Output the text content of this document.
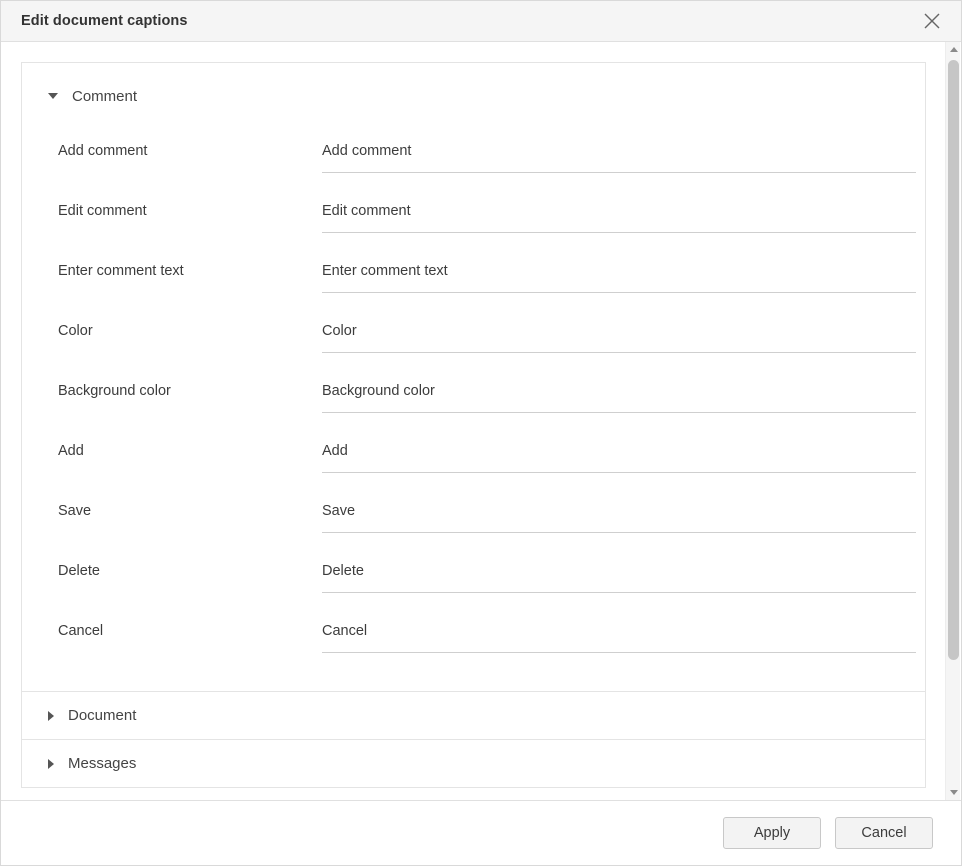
Edit document captions
Comment
Add comment
Add comment
Edit comment
Edit comment
Enter comment text
Enter comment text
Color
Color
Background color
Background color
Add
Add
Save
Save
Delete
Delete
Cancel
Cancel
Document
Messages
Apply	Cancel
